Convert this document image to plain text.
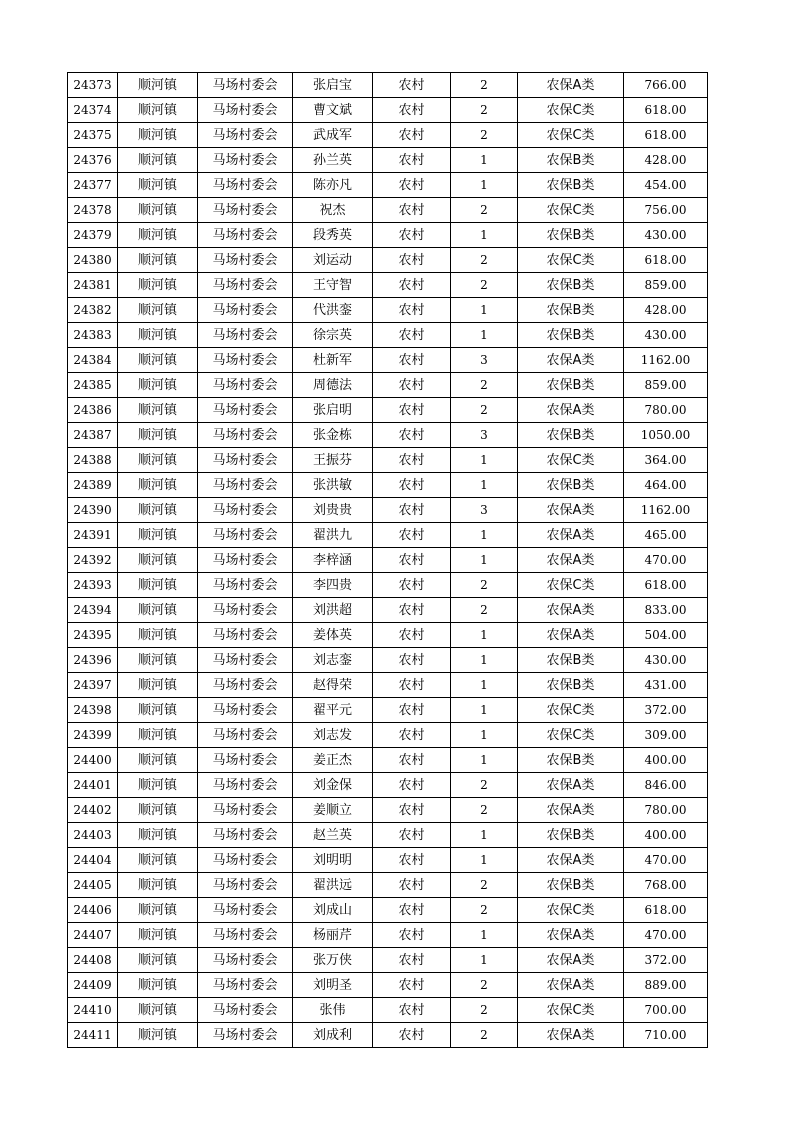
24373	顺河镇	马场村委会	张启宝	农村	2	农保A类	766.00
24374	顺河镇	马场村委会	曹文斌	农村	2	农保C类	618.00
24375	顺河镇	马场村委会	武成军	农村	2	农保C类	618.00
24376	顺河镇	马场村委会	孙兰英	农村	1	农保B类	428.00
24377	顺河镇	马场村委会	陈亦凡	农村	1	农保B类	454.00
24378	顺河镇	马场村委会	祝杰	农村	2	农保C类	756.00
24379	顺河镇	马场村委会	段秀英	农村	1	农保B类	430.00
24380	顺河镇	马场村委会	刘运动	农村	2	农保C类	618.00
24381	顺河镇	马场村委会	王守智	农村	2	农保B类	859.00
24382	顺河镇	马场村委会	代洪銮	农村	1	农保B类	428.00
24383	顺河镇	马场村委会	徐宗英	农村	1	农保B类	430.00
24384	顺河镇	马场村委会	杜新军	农村	3	农保A类	1162.00
24385	顺河镇	马场村委会	周德法	农村	2	农保B类	859.00
24386	顺河镇	马场村委会	张启明	农村	2	农保A类	780.00
24387	顺河镇	马场村委会	张金栋	农村	3	农保B类	1050.00
24388	顺河镇	马场村委会	王振芬	农村	1	农保C类	364.00
24389	顺河镇	马场村委会	张洪敏	农村	1	农保B类	464.00
24390	顺河镇	马场村委会	刘贵贵	农村	3	农保A类	1162.00
24391	顺河镇	马场村委会	翟洪九	农村	1	农保A类	465.00
24392	顺河镇	马场村委会	李梓涵	农村	1	农保A类	470.00
24393	顺河镇	马场村委会	李四贵	农村	2	农保C类	618.00
24394	顺河镇	马场村委会	刘洪超	农村	2	农保A类	833.00
24395	顺河镇	马场村委会	姜体英	农村	1	农保A类	504.00
24396	顺河镇	马场村委会	刘志銮	农村	1	农保B类	430.00
24397	顺河镇	马场村委会	赵得荣	农村	1	农保B类	431.00
24398	顺河镇	马场村委会	翟平元	农村	1	农保C类	372.00
24399	顺河镇	马场村委会	刘志发	农村	1	农保C类	309.00
24400	顺河镇	马场村委会	姜正杰	农村	1	农保B类	400.00
24401	顺河镇	马场村委会	刘金保	农村	2	农保A类	846.00
24402	顺河镇	马场村委会	姜顺立	农村	2	农保A类	780.00
24403	顺河镇	马场村委会	赵兰英	农村	1	农保B类	400.00
24404	顺河镇	马场村委会	刘明明	农村	1	农保A类	470.00
24405	顺河镇	马场村委会	翟洪远	农村	2	农保B类	768.00
24406	顺河镇	马场村委会	刘成山	农村	2	农保C类	618.00
24407	顺河镇	马场村委会	杨丽芹	农村	1	农保A类	470.00
24408	顺河镇	马场村委会	张万侠	农村	1	农保A类	372.00
24409	顺河镇	马场村委会	刘明圣	农村	2	农保A类	889.00
24410	顺河镇	马场村委会	张伟	农村	2	农保C类	700.00
24411	顺河镇	马场村委会	刘成利	农村	2	农保A类	710.00
